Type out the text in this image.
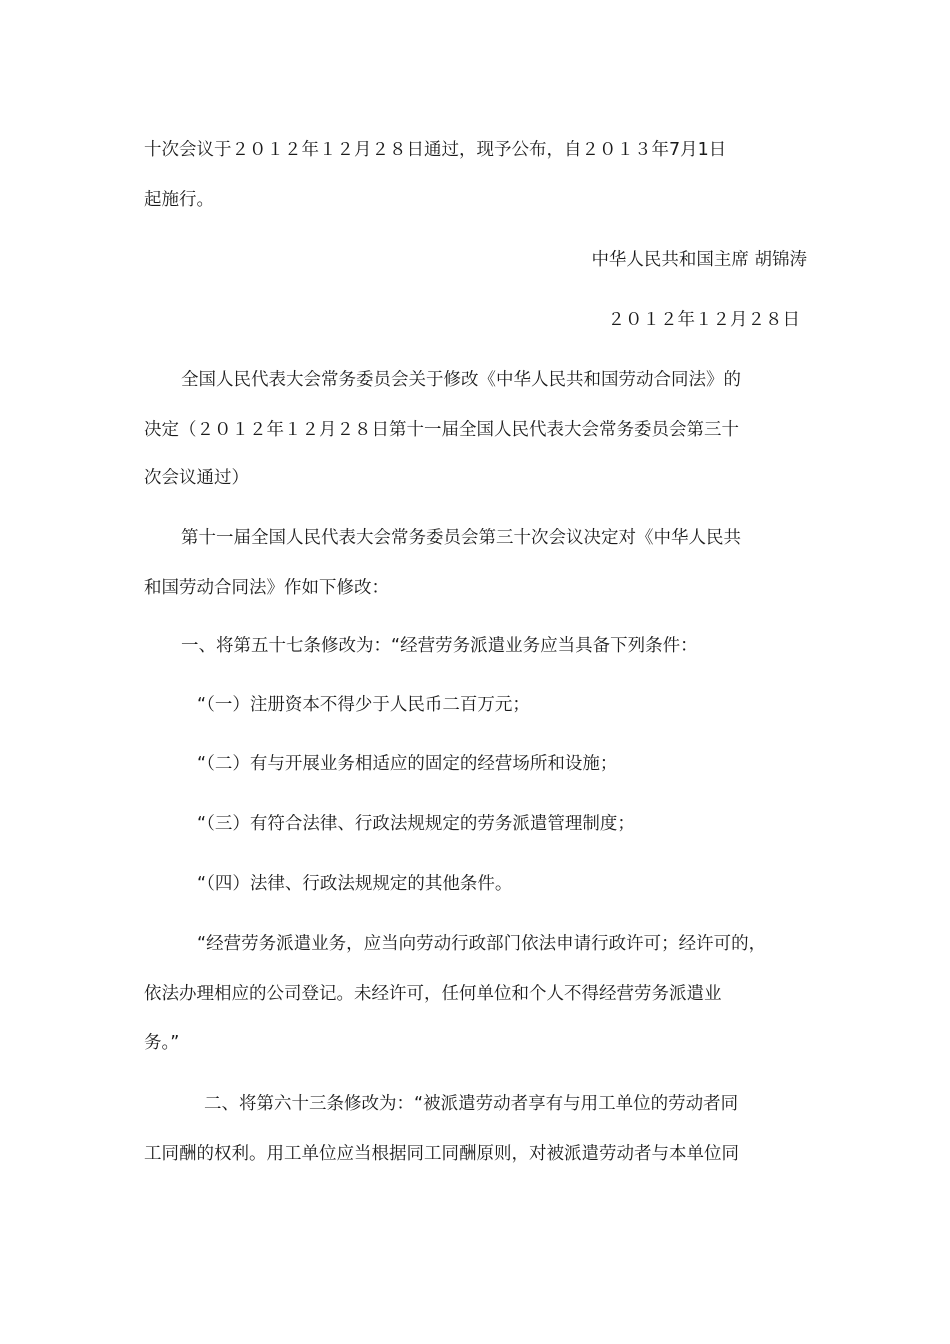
十次会议于２０１２年１２月２８日通过，现予公布，自２０１３年7月1日
起施行。
中华人民共和国主席 胡锦涛
２０１２年１２月２８日
全国人民代表大会常务委员会关于修改《中华人民共和国劳动合同法》的
决定（２０１２年１２月２８日第十一届全国人民代表大会常务委员会第三十
次会议通过）
第十一届全国人民代表大会常务委员会第三十次会议决定对《中华人民共
和国劳动合同法》作如下修改：
一、将第五十七条修改为：“经营劳务派遣业务应当具备下列条件：
“（一）注册资本不得少于人民币二百万元；
“（二）有与开展业务相适应的固定的经营场所和设施；
“（三）有符合法律、行政法规规定的劳务派遣管理制度；
“（四）法律、行政法规规定的其他条件。
“经营劳务派遣业务，应当向劳动行政部门依法申请行政许可；经许可的，
依法办理相应的公司登记。未经许可，任何单位和个人不得经营劳务派遣业
务。”
二、将第六十三条修改为：“被派遣劳动者享有与用工单位的劳动者同
工同酬的权利。用工单位应当根据同工同酬原则，对被派遣劳动者与本单位同
